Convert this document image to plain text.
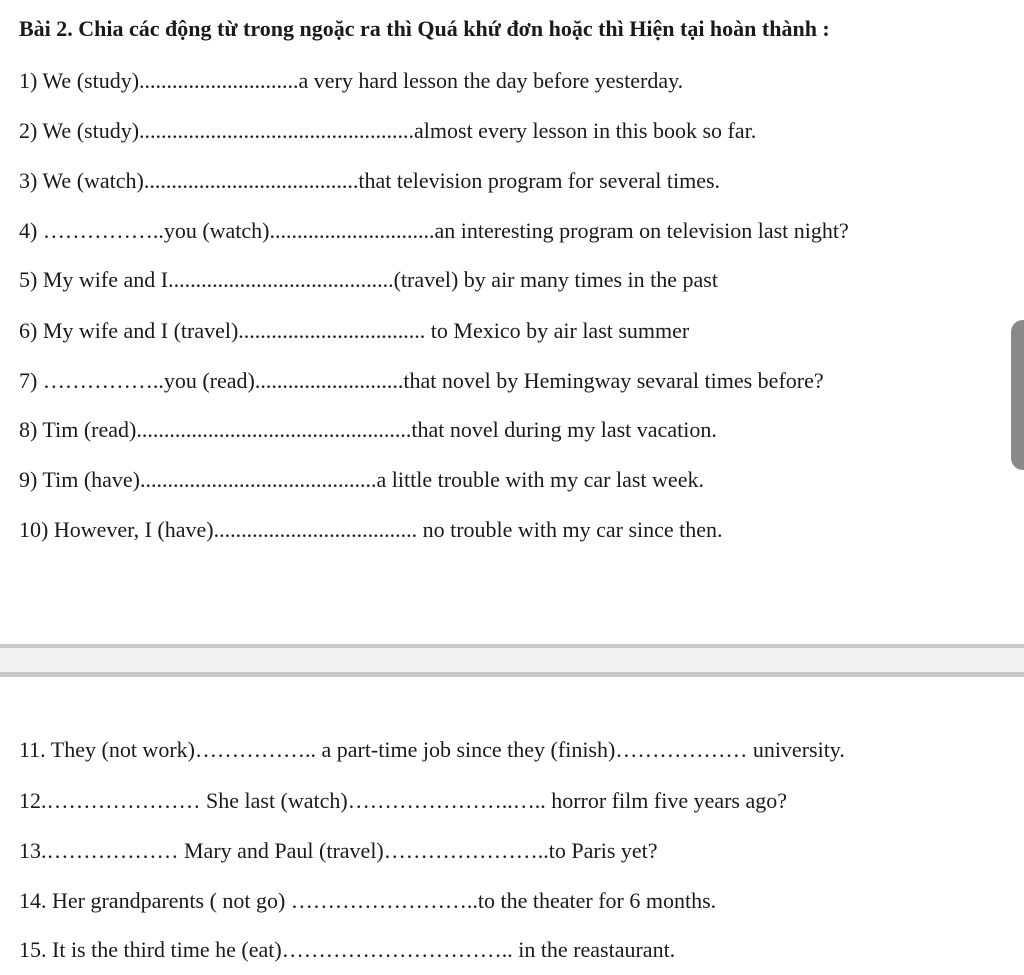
Bài 2. Chia các động từ trong ngoặc ra thì Quá khứ đơn hoặc thì Hiện tại hoàn thành :
1) We (study).............................a very hard lesson the day before yesterday.
2) We (study)..................................................almost every lesson in this book so far.
3) We (watch).......................................that television program for several times.
4) ……………..you (watch)..............................an interesting program on television last night?
5) My wife and I.........................................(travel) by air many times in the past
6) My wife and I (travel).................................. to Mexico by air last summer
7) ……………..you (read)...........................that novel by Hemingway sevaral times before?
8) Tim (read)..................................................that novel during my last vacation.
9) Tim (have)...........................................a little trouble with my car last week.
10) However, I (have)..................................... no trouble with my car since then.
11. They (not work)…………….. a part-time job since they (finish)……………… university.
12.………………… She last (watch)…………………..….. horror film five years ago?
13.……………… Mary and Paul (travel)…………………..to Paris yet?
14. Her grandparents ( not go) ……………………..to the theater for 6 months.
15. It is the third time he (eat)………………………….. in the reastaurant.
